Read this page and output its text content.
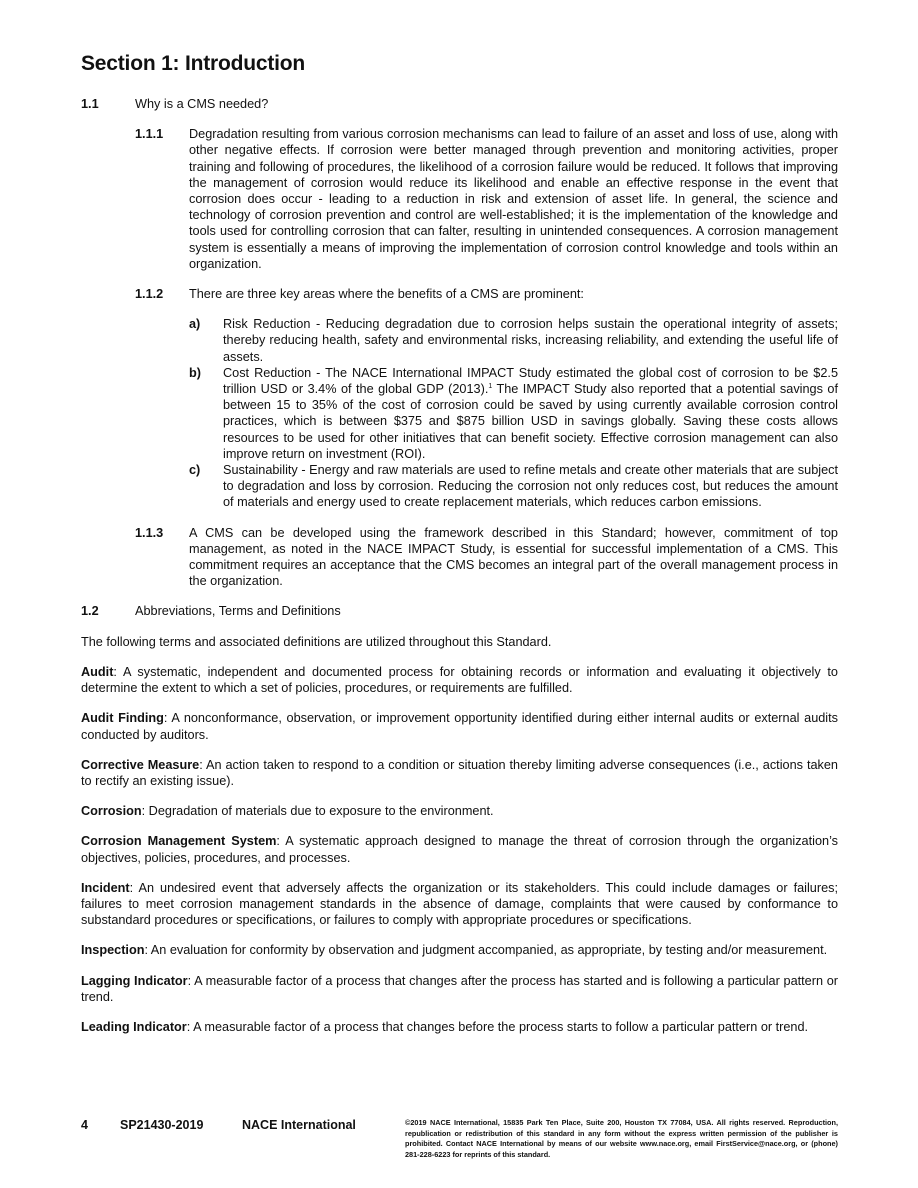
Section 1: Introduction
1.1	Why is a CMS needed?
1.1.1	Degradation resulting from various corrosion mechanisms can lead to failure of an asset and loss of use, along with other negative effects. If corrosion were better managed through prevention and monitoring activities, proper training and following of procedures, the likelihood of a corrosion failure would be reduced. It follows that improving the management of corrosion would reduce its likelihood and enable an effective response in the event that corrosion does occur - leading to a reduction in risk and extension of asset life. In general, the science and technology of corrosion prevention and control are well-established; it is the implementation of the knowledge and tools used for controlling corrosion that can falter, resulting in unintended consequences. A corrosion management system is essentially a means of improving the implementation of corrosion control knowledge and tools within an organization.
1.1.2	There are three key areas where the benefits of a CMS are prominent:
a)	Risk Reduction - Reducing degradation due to corrosion helps sustain the operational integrity of assets; thereby reducing health, safety and environmental risks, increasing reliability, and extending the useful life of assets.
b)	Cost Reduction - The NACE International IMPACT Study estimated the global cost of corrosion to be $2.5 trillion USD or 3.4% of the global GDP (2013).$^1$ The IMPACT Study also reported that a potential savings of between 15 to 35% of the cost of corrosion could be saved by using currently available corrosion control practices, which is between $375 and $875 billion USD in savings globally. Saving these costs allows resources to be used for other initiatives that can benefit society. Effective corrosion management can also improve return on investment (ROI).
c)	Sustainability - Energy and raw materials are used to refine metals and create other materials that are subject to degradation and loss by corrosion. Reducing the corrosion not only reduces cost, but reduces the amount of materials and energy used to create replacement materials, which reduces carbon emissions.
1.1.3	A CMS can be developed using the framework described in this Standard; however, commitment of top management, as noted in the NACE IMPACT Study, is essential for successful implementation of a CMS. This commitment requires an acceptance that the CMS becomes an integral part of the overall management process in the organization.
1.2	Abbreviations, Terms and Definitions
The following terms and associated definitions are utilized throughout this Standard.
Audit: A systematic, independent and documented process for obtaining records or information and evaluating it objectively to determine the extent to which a set of policies, procedures, or requirements are fulfilled.
Audit Finding: A nonconformance, observation, or improvement opportunity identified during either internal audits or external audits conducted by auditors.
Corrective Measure: An action taken to respond to a condition or situation thereby limiting adverse consequences (i.e., actions taken to rectify an existing issue).
Corrosion: Degradation of materials due to exposure to the environment.
Corrosion Management System: A systematic approach designed to manage the threat of corrosion through the organization’s objectives, policies, procedures, and processes.
Incident: An undesired event that adversely affects the organization or its stakeholders. This could include damages or failures; failures to meet corrosion management standards in the absence of damage, complaints that were caused by conformance to substandard procedures or specifications, or failures to comply with appropriate procedures or specifications.
Inspection: An evaluation for conformity by observation and judgment accompanied, as appropriate, by testing and/or measurement.
Lagging Indicator: A measurable factor of a process that changes after the process has started and is following a particular pattern or trend.
Leading Indicator: A measurable factor of a process that changes before the process starts to follow a particular pattern or trend.
4	SP21430-2019	NACE International	©2019 NACE International, 15835 Park Ten Place, Suite 200, Houston TX 77084, USA. All rights reserved. Reproduction, republication or redistribution of this standard in any form without the express written permission of the publisher is prohibited. Contact NACE International by means of our website www.nace.org, email FirstService@nace.org, or (phone) 281-228-6223 for reprints of this standard.
